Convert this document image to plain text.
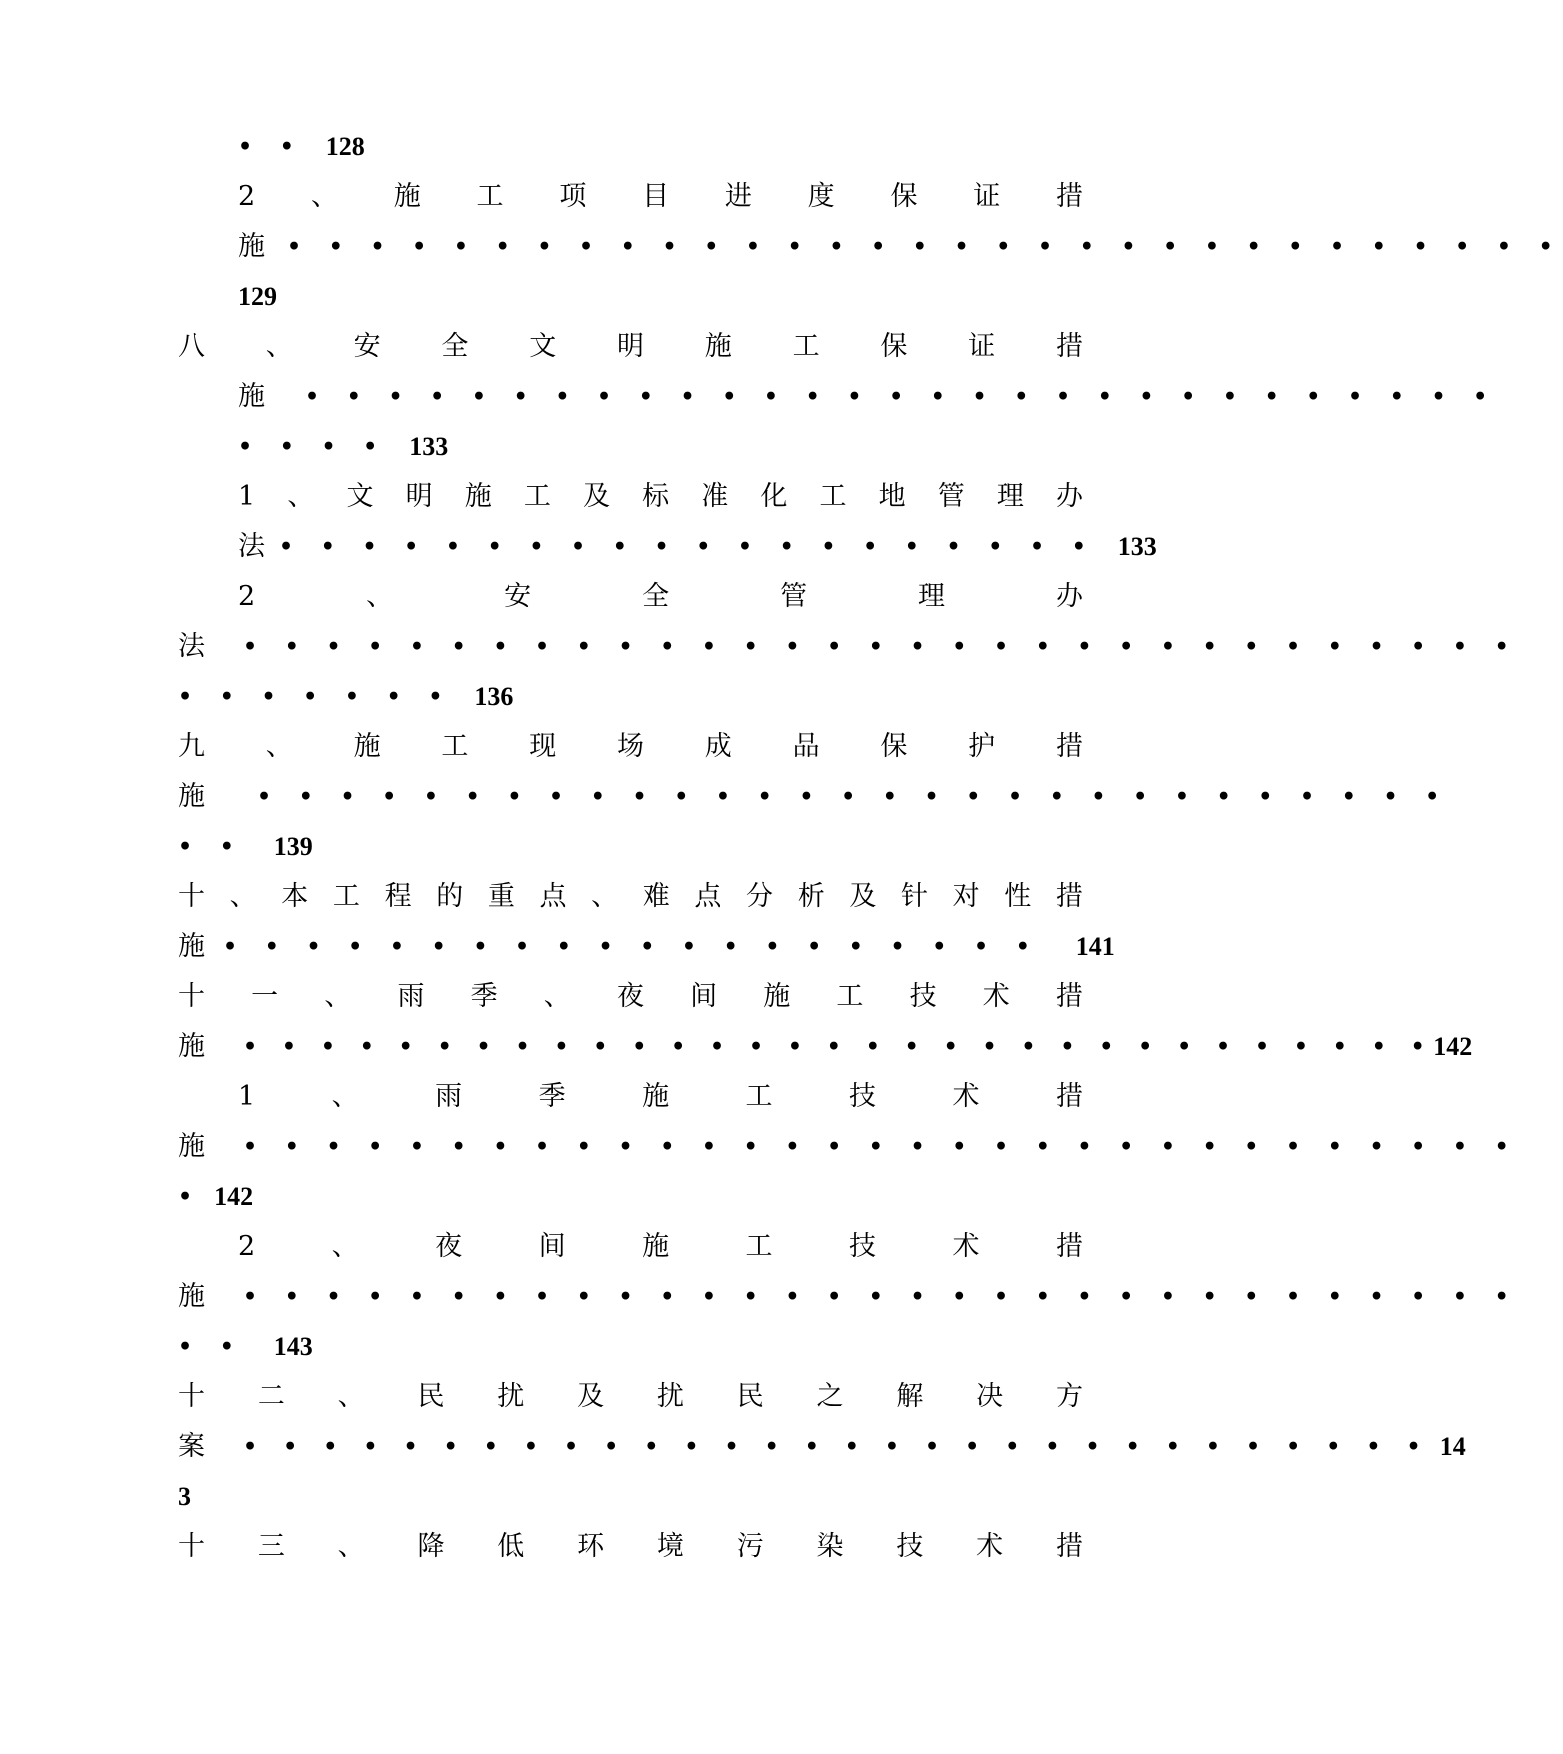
• • 128
2 、 施 工 项 目 进 度 保 证 措
施 • • • • • • • • • • • • • • • • • • • • • • • • • • • • • • •
129
八 、 安 全 文 明 施 工 保 证 措
施 • • • • • • • • • • • • • • • • • • • • • • • • • • • • •
• • • • 133
1 、 文 明 施 工 及 标 准 化 工 地 管 理 办
法 • • • • • • • • • • • • • • • • • • • • 133
2	、	安	全	管	理	办
法 • • • • • • • • • • • • • • • • • • • • • • • • • • • • • • •
• • • • • • • 136
九 、 施 工 现 场 成 品 保 护 措
施 • • • • • • • • • • • • • • • • • • • • • • • • • • • • •
• • 139
十 、 本 工 程 的 重 点 、 难 点 分 析 及 针 对 性 措
施 • • • • • • • • • • • • • • • • • • • • 141
十 一 、 雨 季 、 夜 间 施 工 技 术 措
施 • • • • • • • • • • • • • • • • • • • • • • • • • • • • • • • 142
1	、	雨	季	施	工	技	术	措
施 • • • • • • • • • • • • • • • • • • • • • • • • • • • • • • •
• 142
2	、	夜	间	施	工	技	术	措
施 • • • • • • • • • • • • • • • • • • • • • • • • • • • • • • •
• • 143
十 二 、 民 扰 及 扰 民 之 解 决 方
案 • • • • • • • • • • • • • • • • • • • • • • • • • • • • • • 14
3
十 三 、 降 低 环 境 污 染 技 术 措
